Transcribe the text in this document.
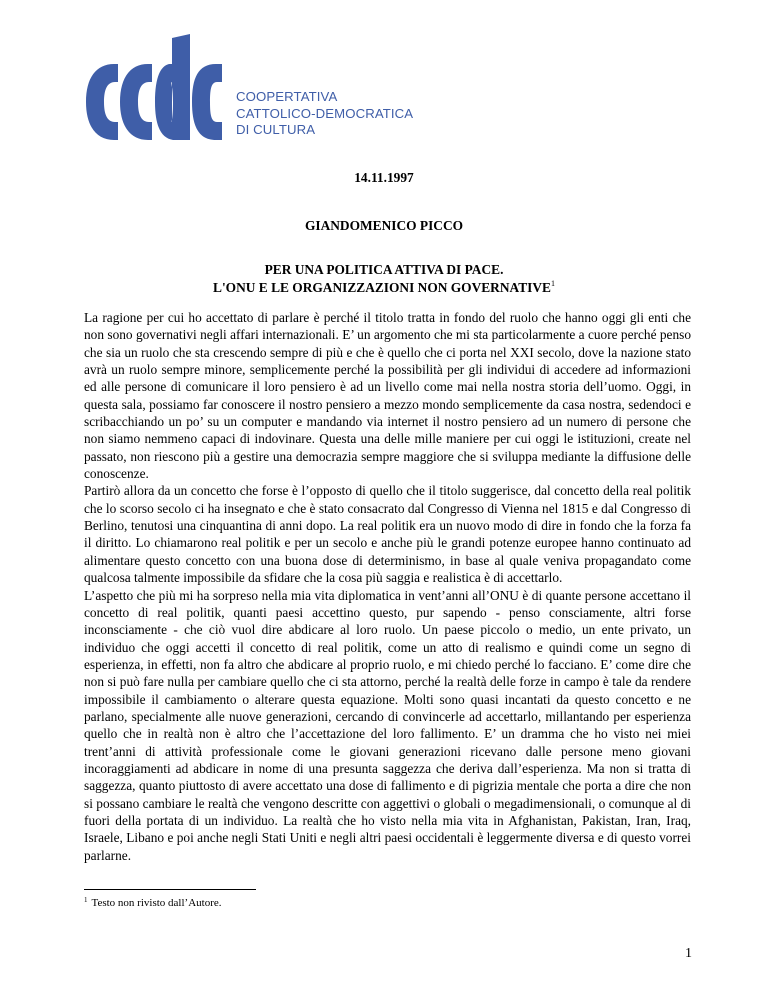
COOPERTATIVA
CATTOLICO-DEMOCRATICA
DI CULTURA
14.11.1997
GIANDOMENICO PICCO
PER UNA POLITICA ATTIVA DI PACE.
L'ONU E LE ORGANIZZAZIONI NON GOVERNATIVE$^1$

La ragione per cui ho accettato di parlare è perché il titolo tratta in fondo del ruolo che hanno oggi gli enti che non sono governativi negli affari internazionali. E’ un argomento che mi sta particolarmente a cuore perché penso che sia un ruolo che sta crescendo sempre di più e che è quello che ci porta nel XXI secolo, dove la nazione stato avrà un ruolo sempre minore, semplicemente perché la possibilità per gli individui di accedere ad informazioni ed alle persone di comunicare il loro pensiero è ad un livello come mai nella nostra storia dell’uomo. Oggi, in questa sala, possiamo far conoscere il nostro pensiero a mezzo mondo semplicemente da casa nostra, sedendoci e scribacchiando un po’ su un computer e mandando via internet il nostro pensiero ad un numero di persone che non siamo nemmeno capaci di indovinare. Questa una delle mille maniere per cui oggi le istituzioni, create nel passato, non riescono più a gestire una democrazia sempre maggiore che si sviluppa mediante la diffusione delle conoscenze.

Partirò allora da un concetto che forse è l’opposto di quello che il titolo suggerisce, dal concetto della real politik che lo scorso secolo ci ha insegnato e che è stato consacrato dal Congresso di Vienna nel 1815 e dal Congresso di Berlino, tenutosi una cinquantina di anni dopo. La real politik era un nuovo modo di dire in fondo che la forza fa il diritto. Lo chiamarono real politik e per un secolo e anche più le grandi potenze europee hanno continuato ad alimentare questo concetto con una buona dose di determinismo, in base al quale veniva propagandato come qualcosa talmente impossibile da sfidare che la cosa più saggia e realistica è di accettarlo.

L’aspetto che più mi ha sorpreso nella mia vita diplomatica in vent’anni all’ONU è di quante persone accettano il concetto di real politik, quanti paesi accettino questo, pur sapendo - penso consciamente, altri forse inconsciamente - che ciò vuol dire abdicare al loro ruolo. Un paese piccolo o medio, un ente privato, un individuo che oggi accetti il concetto di real politik, come un atto di realismo e quindi come un segno di esperienza, in effetti, non fa altro che abdicare al proprio ruolo, e mi chiedo perché lo facciano. E’ come dire che non si può fare nulla per cambiare quello che ci sta attorno, perché la realtà delle forze in campo è tale da rendere impossibile il cambiamento o alterare questa equazione. Molti sono quasi incantati da questo concetto e ne parlano, specialmente alle nuove generazioni, cercando di convincerle ad accettarlo, millantando per esperienza quello che in realtà non è altro che l’accettazione del loro fallimento. E’ un dramma che ho visto nei miei trent’anni di attività professionale come le giovani generazioni ricevano dalle persone meno giovani incoraggiamenti ad abdicare in nome di una presunta saggezza che deriva dall’esperienza. Ma non si tratta di saggezza, quanto piuttosto di avere accettato una dose di fallimento e di pigrizia mentale che porta a dire che non si possano cambiare le realtà che vengono descritte con aggettivi o globali o megadimensionali, o comunque al di fuori della portata di un individuo. La realtà che ho visto nella mia vita in Afghanistan, Pakistan, Iran, Iraq, Israele, Libano e poi anche negli Stati Uniti e negli altri paesi occidentali è leggermente diversa e di questo vorrei parlarne.

$^1$ Testo non rivisto dall’Autore.
1
